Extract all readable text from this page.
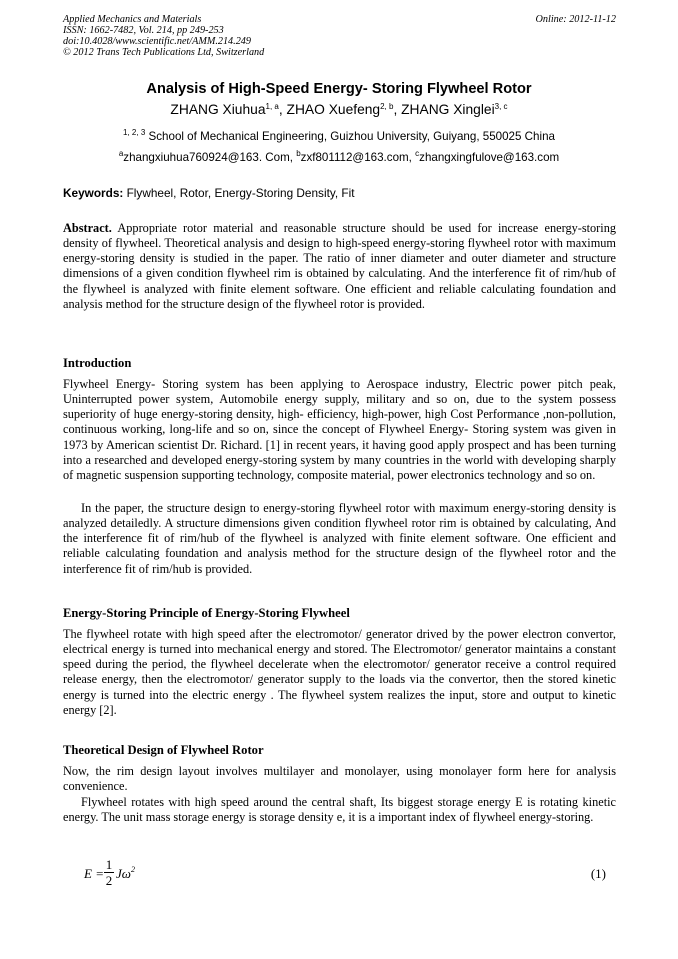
Applied Mechanics and Materials
ISSN: 1662-7482, Vol. 214, pp 249-253
doi:10.4028/www.scientific.net/AMM.214.249
© 2012 Trans Tech Publications Ltd, Switzerland
Online: 2012-11-12
Analysis of High-Speed Energy- Storing Flywheel Rotor
ZHANG Xiuhua$^{1, a}$, ZHAO Xuefeng$^{2, b}$, ZHANG Xinglei$^{3, c}$
$^{1, 2, 3}$ School of Mechanical Engineering, Guizhou University, Guiyang, 550025 China
$^a$zhangxiuhua760924@163. Com, $^b$zxf801112@163.com, $^c$zhangxingfulove@163.com
Keywords: Flywheel, Rotor, Energy-Storing Density, Fit
Abstract. Appropriate rotor material and reasonable structure should be used for increase energy-storing density of flywheel. Theoretical analysis and design to high-speed energy-storing flywheel rotor with maximum energy-storing density is studied in the paper. The ratio of inner diameter and outer diameter and structure dimensions of a given condition flywheel rim is obtained by calculating. And the interference fit of rim/hub of the flywheel is analyzed with finite element software. One efficient and reliable calculating foundation and analysis method for the structure design of the flywheel rotor is provided.
Introduction
Flywheel Energy- Storing system has been applying to Aerospace industry, Electric power pitch peak, Uninterrupted power system, Automobile energy supply, military and so on, due to the system possess superiority of huge energy-storing density, high- efficiency, high-power, high Cost Performance ,non-pollution, continuous working, long-life and so on, since the concept of Flywheel Energy- Storing system was given in 1973 by American scientist Dr. Richard. [1] in recent years, it having good apply prospect and has been turning into a researched and developed energy-storing system by many countries in the world with developing sharply of magnetic suspension supporting technology, composite material, power electronics technology and so on.
In the paper, the structure design to energy-storing flywheel rotor with maximum energy-storing density is analyzed detailedly. A structure dimensions given condition flywheel rotor rim is obtained by calculating, And the interference fit of rim/hub of the flywheel is analyzed with finite element software. One efficient and reliable calculating foundation and analysis method for the structure design of the flywheel rotor and the interference fit of rim/hub is provided.
Energy-Storing Principle of Energy-Storing Flywheel
The flywheel rotate with high speed after the electromotor/ generator drived by the power electron convertor, electrical energy is turned into mechanical energy and stored. The Electromotor/ generator maintains a constant speed during the period, the flywheel decelerate when the electromotor/ generator receive a control required release energy, then the electromotor/ generator supply to the loads via the convertor, then the stored kinetic energy is turned into the electric energy . The flywheel system realizes the input, store and output to kinetic energy [2].
Theoretical Design of Flywheel Rotor
Now, the rim design layout involves multilayer and monolayer, using monolayer form here for analysis convenience.
Flywheel rotates with high speed around the central shaft, Its biggest storage energy E is rotating kinetic energy. The unit mass storage energy is storage density e, it is a important index of flywheel energy-storing.
E =
1
2 $J\omega^2$	(1)
